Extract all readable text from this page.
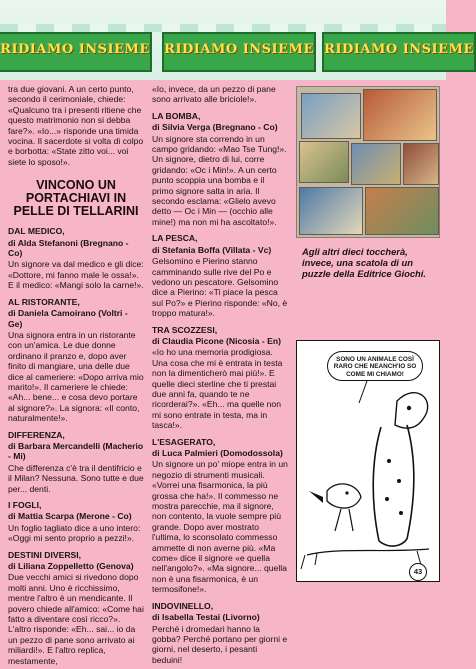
RIDIAMO INSIEME RIDIAMO INSIEME RIDIAMO INSIEME

tra due giovani. A un certo punto, secondo il cerimoniale, chiede: «Qualcuno tra i presenti ritiene che questo matrimonio non si debba fare?». «Io...» risponde una timida vocina. Il sacerdote si volta di colpo e borbotta: «State zitto voi... voi siete lo sposo!».

VINCONO UN PORTACHIAVI IN PELLE DI TELLARINI
DAL MEDICO,
di Alda Stefanoni (Bregnano - Co)

Un signore va dal medico e gli dice: «Dottore, mi fanno male le ossa!». E il medico: «Mangi solo la carne!».

AL RISTORANTE,
di Daniela Camoirano (Voltri - Ge)

Una signora entra in un ristorante con un'amica. Le due donne ordinano il pranzo e, dopo aver finito di mangiare, una delle due dice al cameriere: «Dopo arriva mio marito!». Il cameriere le chiede: «Ah... bene... e cosa devo portare al signore?». La signora: «Il conto, naturalmente!».

DIFFERENZA,
di Barbara Mercandelli (Macherio - Mi)

Che differenza c'è tra il dentifricio e il Milan? Nessuna. Sono tutte e due per... denti.

I FOGLI,
di Mattia Scarpa (Merone - Co)

Un foglio tagliato dice a uno intero: «Oggi mi sento proprio a pezzi!».

DESTINI DIVERSI,
di Liliana Zoppelletto (Genova)

Due vecchi amici si rivedono dopo molti anni. Uno è ricchissimo, mentre l'altro è un mendicante. Il povero chiede all'amico: «Come hai fatto a diventare così ricco?». L'altro risponde: «Eh... sai... io da un pezzo di pane sono arrivato ai miliardi!». E l'altro replica, mestamente,

«Io, invece, da un pezzo di pane sono arrivato alle briciole!».

LA BOMBA,
di Silvia Verga (Bregnano - Co)

Un signore sta correndo in un campo gridando: «Mao Tse Tung!». Un signore, dietro di lui, corre gridando: «Oc i Min!». A un certo punto scoppia una bomba e il primo signore salta in aria. Il secondo esclama: «Glielo avevo detto — Oc i Min — (occhio alle mine!) ma non mi ha ascoltato!».

LA PESCA,
di Stefania Boffa (Villata - Vc)

Gelsomino e Pierino stanno camminando sulle rive del Po e vedono un pescatore. Gelsomino dice a Pierino: «Ti piace la pesca sul Po?» e Pierino risponde: «No, è troppo matura!».

TRA SCOZZESI,
di Claudia Picone (Nicosia - En)

«Io ho una memoria prodigiosa. Una cosa che mi è entrata in testa non la dimenticherò mai più!». E quelle dieci sterline che ti prestai due anni fa, quando te ne ricorderai?». «Eh... ma quelle non mi sono entrate in testa, ma in tasca!».

L'ESAGERATO,
di Luca Palmieri (Domodossola)

Un signore un po' miope entra in un negozio di strumenti musicali. «Vorrei una fisarmonica, la più grossa che ha!». Il commesso ne mostra parecchie, ma il signore, non contento, la vuole sempre più grande. Dopo aver mostrato l'ultima, lo sconsolato commesso ammette di non averne più. «Ma come» dice il signore «e quella nell'angolo?». «Ma signore... quella non è una fisarmonica, è un termosifone!».

INDOVINELLO,
di Isabella Testai (Livorno)

Perché i dromedari hanno la gobba? Perché portano per giorni e giorni, nel deserto, i pesanti beduini!

Agli altri dieci toccherà, invece, una scatola di un puzzle della Editrice Giochi.
SONO UN ANIMALE COSÌ RARO CHE NEANCH'IO SO COME MI CHIAMO!
43
